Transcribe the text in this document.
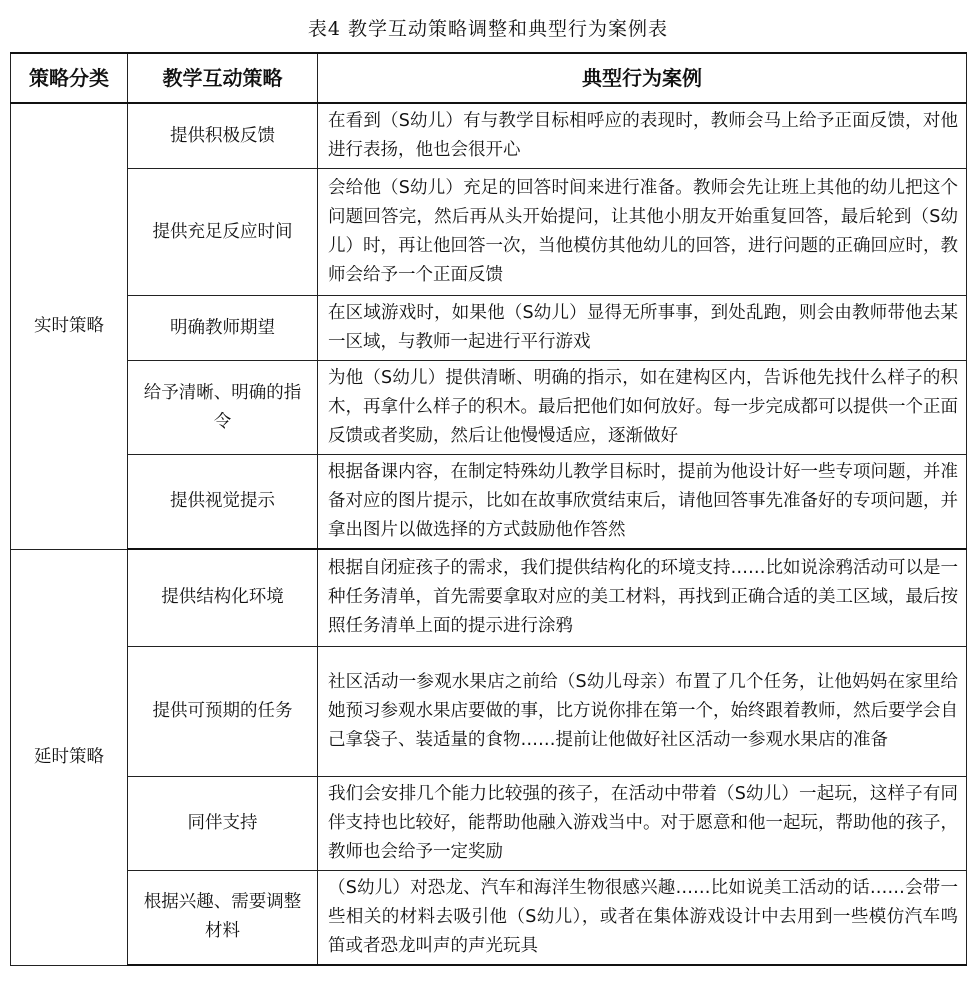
表4 教学互动策略调整和典型行为案例表
策略分类	教学互动策略	典型行为案例
实时策略	提供积极反馈	在看到（S幼儿）有与教学目标相呼应的表现时，教师会马上给予正面反馈，对他进行表扬，他也会很开心
	提供充足反应时间	会给他（S幼儿）充足的回答时间来进行准备。教师会先让班上其他的幼儿把这个问题回答完，然后再从头开始提问，让其他小朋友开始重复回答，最后轮到（S幼儿）时，再让他回答一次，当他模仿其他幼儿的回答，进行问题的正确回应时，教师会给予一个正面反馈
	明确教师期望	在区域游戏时，如果他（S幼儿）显得无所事事，到处乱跑，则会由教师带他去某一区域，与教师一起进行平行游戏
	给予清晰、明确的指令	为他（S幼儿）提供清晰、明确的指示，如在建构区内，告诉他先找什么样子的积木，再拿什么样子的积木。最后把他们如何放好。每一步完成都可以提供一个正面反馈或者奖励，然后让他慢慢适应，逐渐做好
	提供视觉提示	根据备课内容，在制定特殊幼儿教学目标时，提前为他设计好一些专项问题，并准备对应的图片提示，比如在故事欣赏结束后，请他回答事先准备好的专项问题，并拿出图片以做选择的方式鼓励他作答然
延时策略	提供结构化环境	根据自闭症孩子的需求，我们提供结构化的环境支持……比如说涂鸦活动可以是一种任务清单，首先需要拿取对应的美工材料，再找到正确合适的美工区域，最后按照任务清单上面的提示进行涂鸦
	提供可预期的任务	社区活动一参观水果店之前给（S幼儿母亲）布置了几个任务，让他妈妈在家里给她预习参观水果店要做的事，比方说你排在第一个，始终跟着教师，然后要学会自己拿袋子、装适量的食物……提前让他做好社区活动一参观水果店的准备
	同伴支持	我们会安排几个能力比较强的孩子，在活动中带着（S幼儿）一起玩，这样子有同伴支持也比较好，能帮助他融入游戏当中。对于愿意和他一起玩，帮助他的孩子，教师也会给予一定奖励
	根据兴趣、需要调整材料	（S幼儿）对恐龙、汽车和海洋生物很感兴趣……比如说美工活动的话……会带一些相关的材料去吸引他（S幼儿），或者在集体游戏设计中去用到一些模仿汽车鸣笛或者恐龙叫声的声光玩具
